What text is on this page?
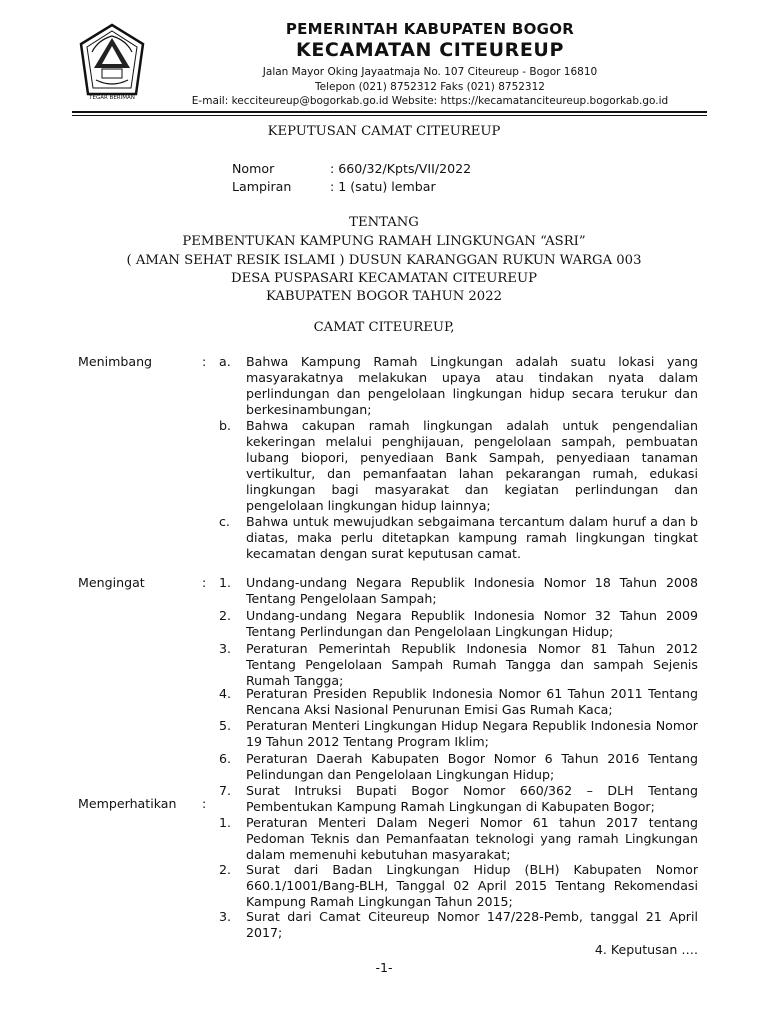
TEGAR BERIMAN

PEMERINTAH KABUPATEN BOGOR

KECAMATAN CITEUREUP

Jalan Mayor Oking Jayaatmaja No. 107 Citeureup - Bogor 16810

Telepon (021) 8752312 Faks (021) 8752312

E-mail: kecciteureup@bogorkab.go.id Website: https://kecamatanciteureup.bogorkab.go.id

KEPUTUSAN CAMAT CITEUREUP

Nomor	: 660/32/Kpts/VII/2022
Lampiran	: 1 (satu) lembar

TENTANG

PEMBENTUKAN KAMPUNG RAMAH LINGKUNGAN “ASRI”

( AMAN SEHAT RESIK ISLAMI ) DUSUN KARANGGAN RUKUN WARGA 003

DESA PUSPASARI KECAMATAN CITEUREUP

KABUPATEN BOGOR TAHUN 2022

CAMAT CITEUREUP,

Menimbang	: a. Bahwa Kampung Ramah Lingkungan adalah suatu lokasi yang masyarakatnya melakukan upaya atau tindakan nyata dalam perlindungan dan pengelolaan lingkungan hidup secara terukur dan berkesinambungan;

b. Bahwa cakupan ramah lingkungan adalah untuk pengendalian kekeringan melalui penghijauan, pengelolaan sampah, pembuatan lubang biopori, penyediaan Bank Sampah, penyediaan tanaman vertikultur, dan pemanfaatan lahan pekarangan rumah, edukasi lingkungan bagi masyarakat dan kegiatan perlindungan dan pengelolaan lingkungan hidup lainnya;

c. Bahwa untuk mewujudkan sebgaimana tercantum dalam huruf a dan b diatas, maka perlu ditetapkan kampung ramah lingkungan tingkat kecamatan dengan surat keputusan camat.

Mengingat	: 1. Undang-undang Negara Republik Indonesia Nomor 18 Tahun 2008 Tentang Pengelolaan Sampah;

2. Undang-undang Negara Republik Indonesia Nomor 32 Tahun 2009 Tentang Perlindungan dan Pengelolaan Lingkungan Hidup;

3. Peraturan Pemerintah Republik Indonesia Nomor 81 Tahun 2012 Tentang Pengelolaan Sampah Rumah Tangga dan sampah Sejenis Rumah Tangga;

4. Peraturan Presiden Republik Indonesia Nomor 61 Tahun 2011 Tentang Rencana Aksi Nasional Penurunan Emisi Gas Rumah Kaca;

5. Peraturan Menteri Lingkungan Hidup Negara Republik Indonesia Nomor 19 Tahun 2012 Tentang Program Iklim;

6. Peraturan Daerah Kabupaten Bogor Nomor 6 Tahun 2016 Tentang Pelindungan dan Pengelolaan Lingkungan Hidup;

7. Surat Intruksi Bupati Bogor Nomor 660/362 – DLH Tentang Pembentukan Kampung Ramah Lingkungan di Kabupaten Bogor;

Memperhatikan :
1. Peraturan Menteri Dalam Negeri Nomor 61 tahun 2017 tentang Pedoman Teknis dan Pemanfaatan teknologi yang ramah Lingkungan dalam memenuhi kebutuhan masyarakat;

2. Surat dari Badan Lingkungan Hidup (BLH) Kabupaten Nomor 660.1/1001/Bang-BLH, Tanggal 02 April 2015 Tentang Rekomendasi Kampung Ramah Lingkungan Tahun 2015;

3. Surat dari Camat Citeureup Nomor 147/228-Pemb, tanggal 21 April 2017;

4. Keputusan ….
-1-
